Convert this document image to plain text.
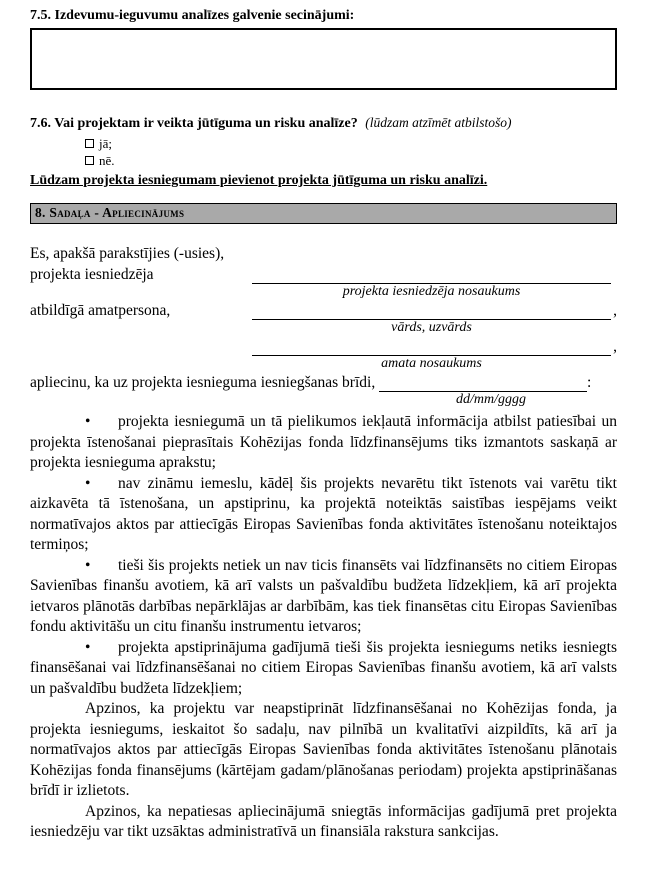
7.5. Izdevumu-ieguvumu analīzes galvenie secinājumi:
7.6. Vai projektam ir veikta jūtīguma un risku analīze? (lūdzam atzīmēt atbilstošo)
jā;
nē.
Lūdzam projekta iesniegumam pievienot projekta jūtīguma un risku analīzi.
8. Sadaļa - Apliecinājums
Es, apakšā parakstījies (-usies),
projekta iesniedzēja
projekta iesniedzēja nosaukums
atbildīgā amatpersona,	,
vārds, uzvārds
,
amata nosaukums
apliecinu, ka uz projekta iesnieguma iesniegšanas brīdi,	:
dd/mm/gggg

• projekta iesniegumā un tā pielikumos iekļautā informācija atbilst patiesībai un projekta īstenošanai pieprasītais Kohēzijas fonda līdzfinansējums tiks izmantots saskaņā ar projekta iesnieguma aprakstu;

• nav zināmu iemeslu, kādēļ šis projekts nevarētu tikt īstenots vai varētu tikt aizkavēta tā īstenošana, un apstiprinu, ka projektā noteiktās saistības iespējams veikt normatīvajos aktos par attiecīgās Eiropas Savienības fonda aktivitātes īstenošanu noteiktajos termiņos;

• tieši šis projekts netiek un nav ticis finansēts vai līdzfinansēts no citiem Eiropas Savienības finanšu avotiem, kā arī valsts un pašvaldību budžeta līdzekļiem, kā arī projekta ietvaros plānotās darbības nepārklājas ar darbībām, kas tiek finansētas citu Eiropas Savienības fondu aktivitāšu un citu finanšu instrumentu ietvaros;

• projekta apstiprinājuma gadījumā tieši šis projekta iesniegums netiks iesniegts finansēšanai vai līdzfinansēšanai no citiem Eiropas Savienības finanšu avotiem, kā arī valsts un pašvaldību budžeta līdzekļiem;

Apzinos, ka projektu var neapstiprināt līdzfinansēšanai no Kohēzijas fonda, ja projekta iesniegums, ieskaitot šo sadaļu, nav pilnībā un kvalitatīvi aizpildīts, kā arī ja normatīvajos aktos par attiecīgās Eiropas Savienības fonda aktivitātes īstenošanu plānotais Kohēzijas fonda finansējums (kārtējam gadam/plānošanas periodam) projekta apstiprināšanas brīdī ir izlietots.

Apzinos, ka nepatiesas apliecinājumā sniegtās informācijas gadījumā pret projekta iesniedzēju var tikt uzsāktas administratīvā un finansiāla rakstura sankcijas.
